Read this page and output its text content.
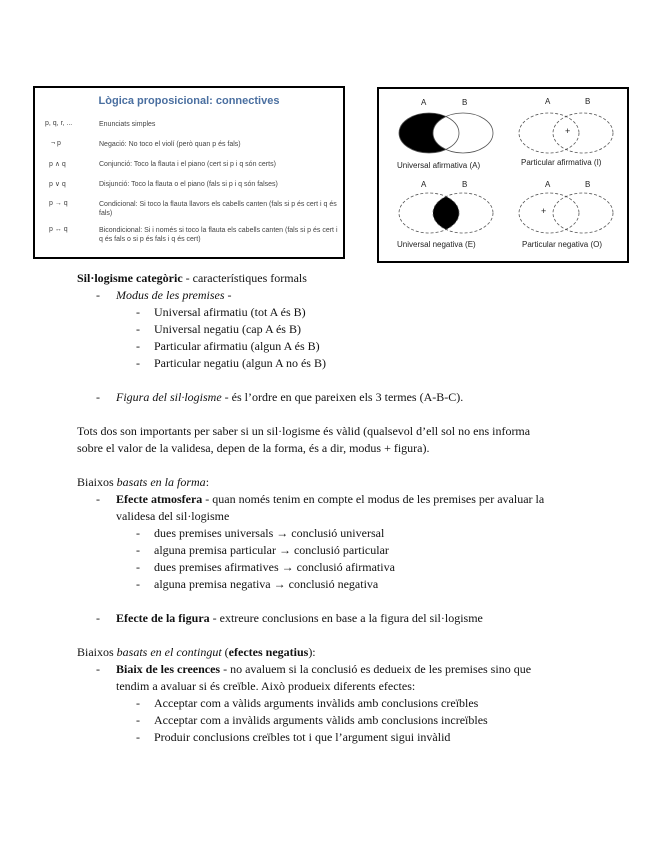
Lògica proposicional: connectives
p, q, r, ...	Enunciats simples
¬ p	Negació: No toco el violí (però quan p és fals)
p ∧ q	Conjunció: Toco la flauta i el piano (cert si p i q són certs)
p ∨ q	Disjunció: Toco la flauta o el piano (fals si p i q són falses)
p → q	Condicional: Si toco la flauta llavors els cabells canten (fals si p és cert i q és fals)
p ↔ q	Bicondicional: Si i només si toco la flauta els cabells canten (fals si p és cert i q és fals o si p és fals i q és cert)
A	B	A	B
+
Universal afirmativa (A)	Particular afirmativa (I)
A	B	A	B
+
Universal negativa (E)	Particular negativa (O)
Sil·logisme categòric - característiques formals
- Modus de les premises -
- Universal afirmatiu (tot A és B)
- Universal negatiu (cap A és B)
- Particular afirmatiu (algun A és B)
- Particular negatiu (algun A no és B)
- Figura del sil·logisme - és l’ordre en que pareixen els 3 termes (A-B-C).
Tots dos son importants per saber si un sil·logisme és vàlid (qualsevol d’ell sol no ens informa
sobre el valor de la validesa, depen de la forma, és a dir, modus + figura).
Biaixos basats en la forma:
- Efecte atmosfera - quan només tenim en compte el modus de les premises per avaluar la
validesa del sil·logisme
- dues premises universals → conclusió universal
- alguna premisa particular → conclusió particular
- dues premises afirmatives → conclusió afirmativa
- alguna premisa negativa → conclusió negativa
- Efecte de la figura - extreure conclusions en base a la figura del sil·logisme
Biaixos basats en el contingut (efectes negatius):
- Biaix de les creences - no avaluem si la conclusió es dedueix de les premises sino que
tendim a avaluar si és creïble. Això produeix diferents efectes:
- Acceptar com a vàlids arguments invàlids amb conclusions creïbles
- Acceptar com a invàlids arguments vàlids amb conclusions increïbles
- Produir conclusions creïbles tot i que l’argument sigui invàlid
